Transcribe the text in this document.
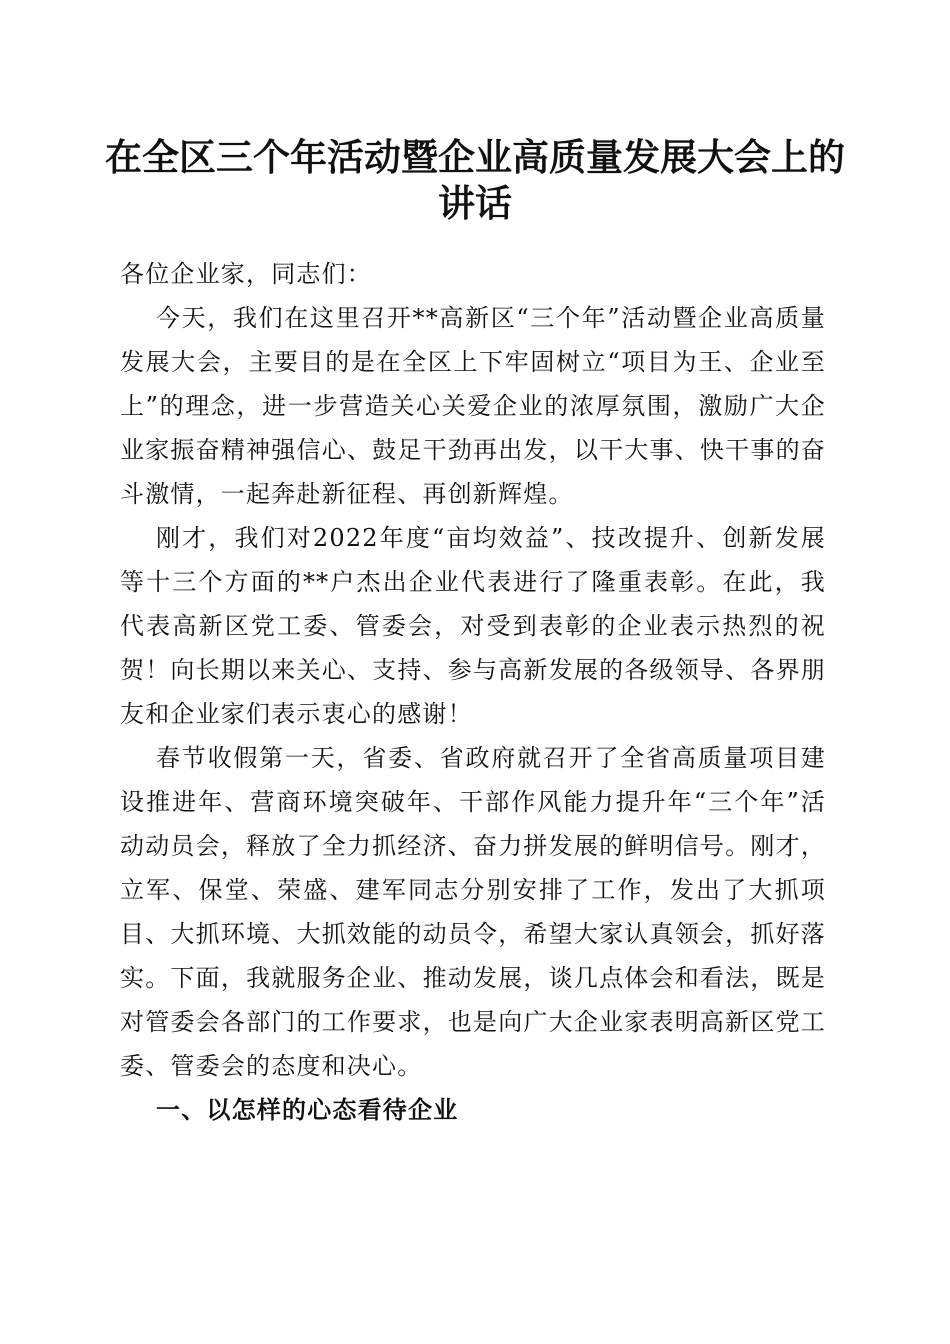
在全区三个年活动暨企业高质量发展大会上的
讲话

各位企业家，同志们：

今天，我们在这里召开**高新区“三个年”活动暨企业高质量发展大会，主要目的是在全区上下牢固树立“项目为王、企业至上”的理念，进一步营造关心关爱企业的浓厚氛围，激励广大企业家振奋精神强信心、鼓足干劲再出发，以干大事、快干事的奋斗激情，一起奔赴新征程、再创新辉煌。

刚才，我们对2022年度“亩均效益”、技改提升、创新发展等十三个方面的**户杰出企业代表进行了隆重表彰。在此，我代表高新区党工委、管委会，对受到表彰的企业表示热烈的祝贺！向长期以来关心、支持、参与高新发展的各级领导、各界朋友和企业家们表示衷心的感谢！

春节收假第一天，省委、省政府就召开了全省高质量项目建设推进年、营商环境突破年、干部作风能力提升年“三个年”活动动员会，释放了全力抓经济、奋力拼发展的鲜明信号。刚才，立军、保堂、荣盛、建军同志分别安排了工作，发出了大抓项目、大抓环境、大抓效能的动员令，希望大家认真领会，抓好落实。下面，我就服务企业、推动发展，谈几点体会和看法，既是对管委会各部门的工作要求，也是向广大企业家表明高新区党工委、管委会的态度和决心。

一、以怎样的心态看待企业
